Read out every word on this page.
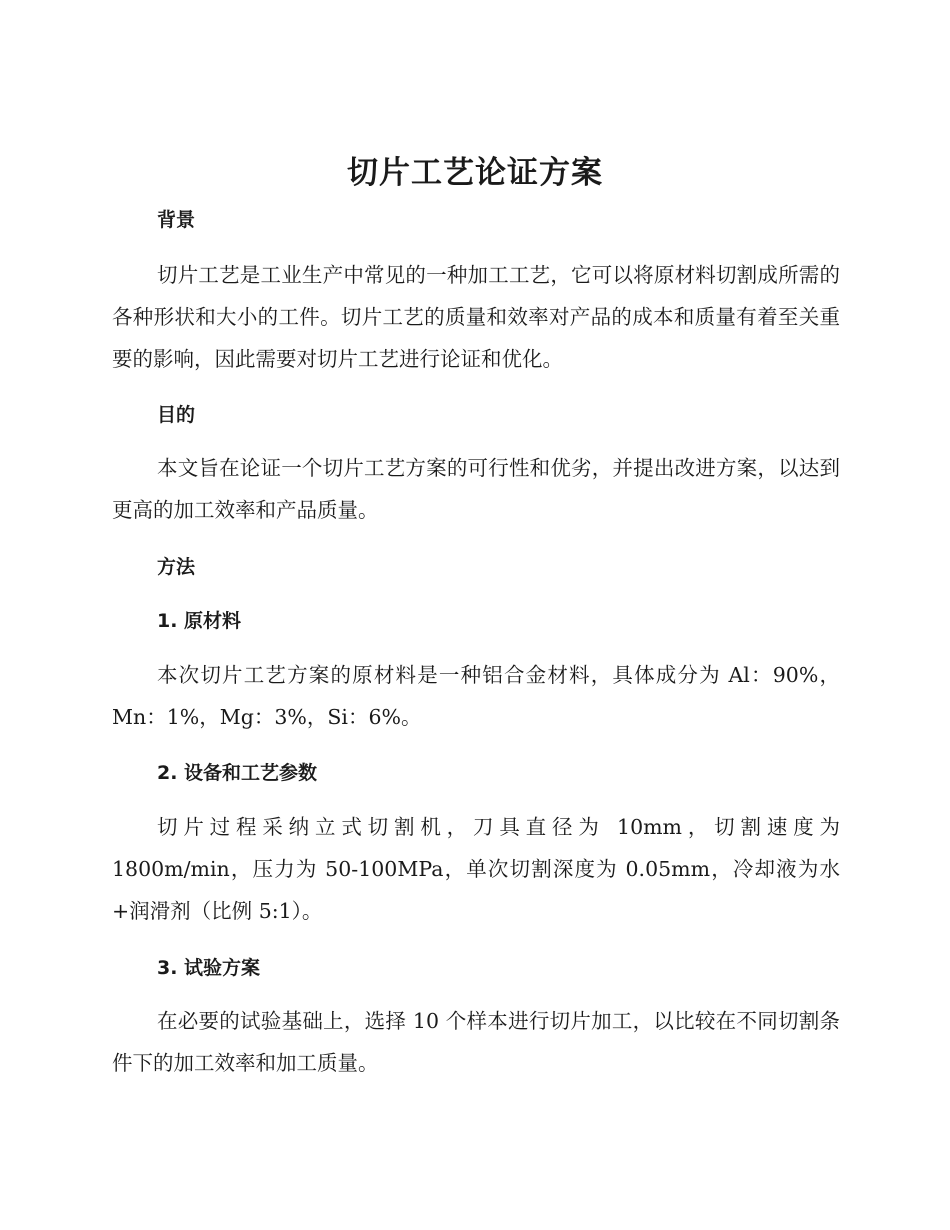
切片工艺论证方案
背景
切片工艺是工业生产中常见的一种加工工艺，它可以将原材料切割成所需的各种形状和大小的工件。切片工艺的质量和效率对产品的成本和质量有着至关重要的影响，因此需要对切片工艺进行论证和优化。
目的
本文旨在论证一个切片工艺方案的可行性和优劣，并提出改进方案，以达到更高的加工效率和产品质量。
方法
1. 原材料
本次切片工艺方案的原材料是一种铝合金材料，具体成分为 Al：90%，Mn：1%，Mg：3%，Si：6%。
2. 设备和工艺参数
切片过程采纳立式切割机，刀具直径为 10mm，切割速度为 1800m/min，压力为 50-100MPa，单次切割深度为 0.05mm，冷却液为水+润滑剂（比例 5:1）。
3. 试验方案
在必要的试验基础上，选择 10 个样本进行切片加工，以比较在不同切割条件下的加工效率和加工质量。
